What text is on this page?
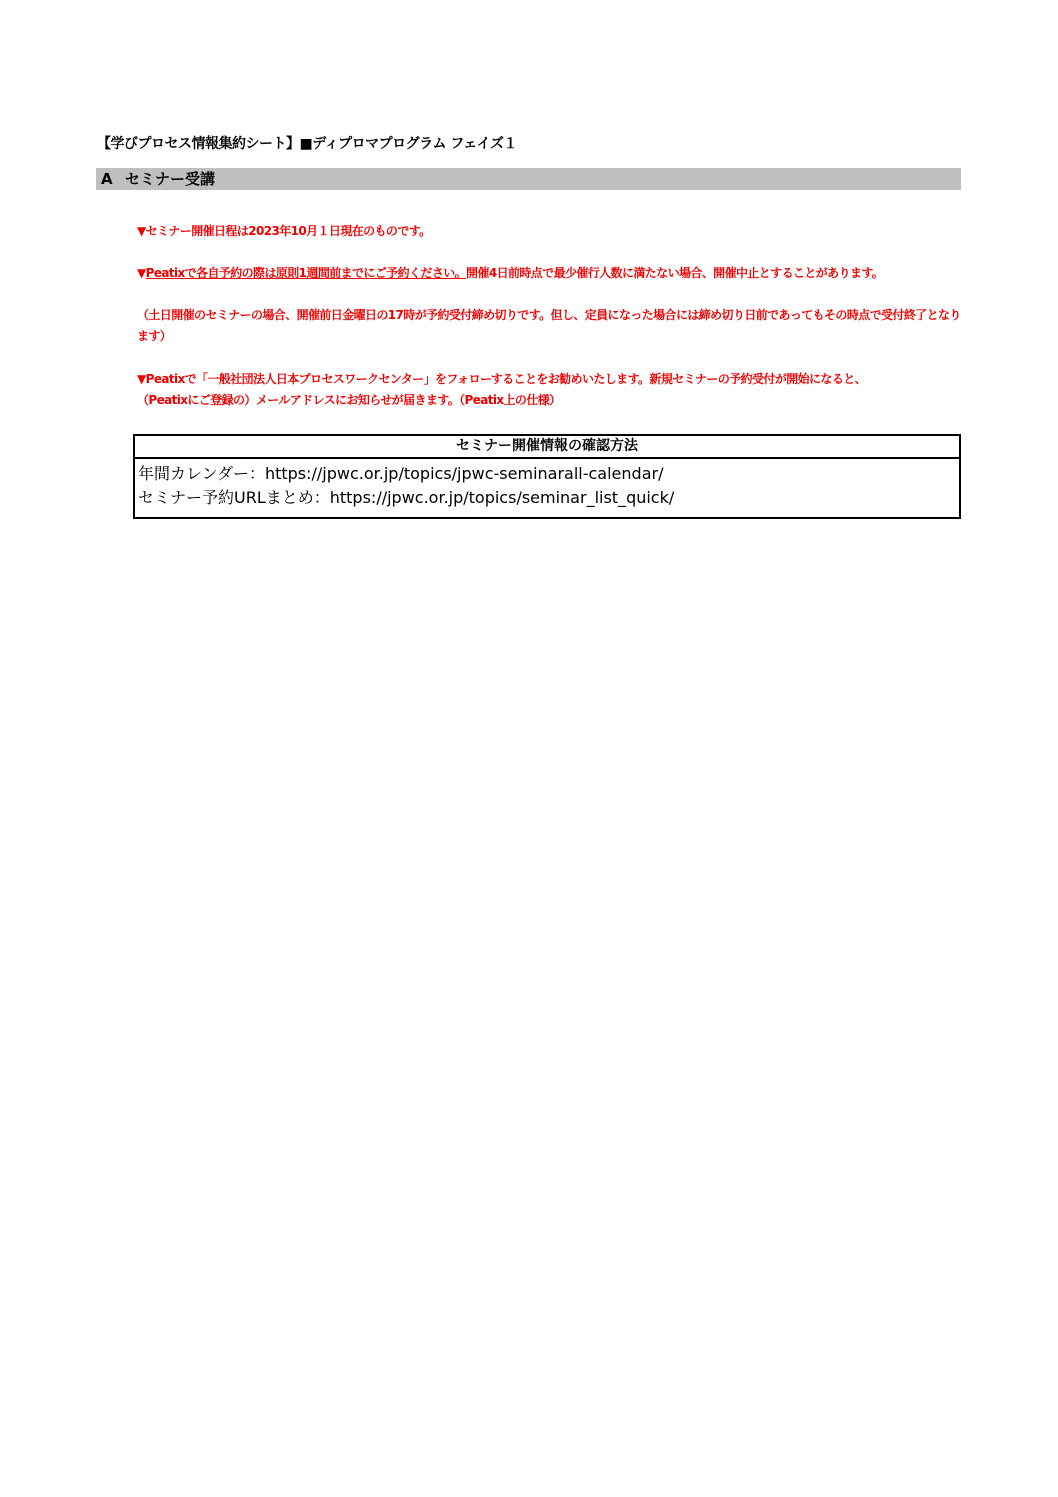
【学びプロセス情報集約シート】■ディプロマプログラム フェイズ１
A セミナー受講
▼セミナー開催日程は2023年10月１日現在のものです。
▼Peatixで各自予約の際は原則1週間前までにご予約ください。開催4日前時点で最少催行人数に満たない場合、開催中止とすることがあります。
（土日開催のセミナーの場合、開催前日金曜日の17時が予約受付締め切りです。但し、定員になった場合には締め切り日前であってもその時点で受付終了となります）
▼Peatixで「一般社団法人日本プロセスワークセンター」をフォローすることをお勧めいたします。新規セミナーの予約受付が開始になると、
（Peatixにご登録の）メールアドレスにお知らせが届きます。（Peatix上の仕様）
セミナー開催情報の確認方法
年間カレンダー：https://jpwc.or.jp/topics/jpwc-seminarall-calendar/
セミナー予約URLまとめ：https://jpwc.or.jp/topics/seminar_list_quick/
